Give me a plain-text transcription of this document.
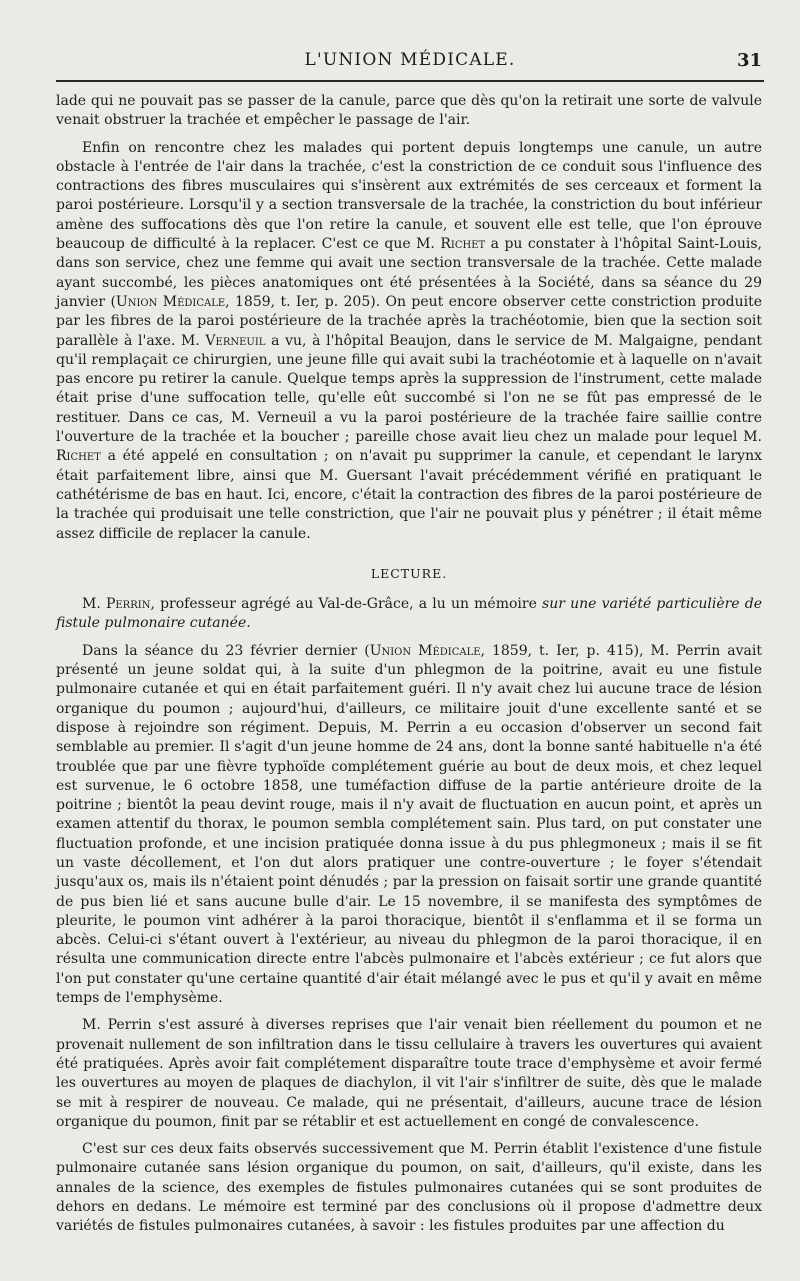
L'UNION MÉDICALE.	31

lade qui ne pouvait pas se passer de la canule, parce que dès qu'on la retirait une sorte de valvule venait obstruer la trachée et empêcher le passage de l'air.

Enfin on rencontre chez les malades qui portent depuis longtemps une canule, un autre obstacle à l'entrée de l'air dans la trachée, c'est la constriction de ce conduit sous l'influence des contractions des fibres musculaires qui s'insèrent aux extrémités de ses cerceaux et forment la paroi postérieure. Lorsqu'il y a section transversale de la trachée, la constriction du bout inférieur amène des suffocations dès que l'on retire la canule, et souvent elle est telle, que l'on éprouve beaucoup de difficulté à la replacer. C'est ce que M. Richet a pu constater à l'hôpital Saint-Louis, dans son service, chez une femme qui avait une section transversale de la trachée. Cette malade ayant succombé, les pièces anatomiques ont été présentées à la Société, dans sa séance du 29 janvier (Union Médicale, 1859, t. Ier, p. 205). On peut encore observer cette constriction produite par les fibres de la paroi postérieure de la trachée après la trachéotomie, bien que la section soit parallèle à l'axe. M. Verneuil a vu, à l'hôpital Beaujon, dans le service de M. Malgaigne, pendant qu'il remplaçait ce chirurgien, une jeune fille qui avait subi la trachéotomie et à laquelle on n'avait pas encore pu retirer la canule. Quelque temps après la suppression de l'instrument, cette malade était prise d'une suffocation telle, qu'elle eût succombé si l'on ne se fût pas empressé de le restituer. Dans ce cas, M. Verneuil a vu la paroi postérieure de la trachée faire saillie contre l'ouverture de la trachée et la boucher ; pareille chose avait lieu chez un malade pour lequel M. Richet a été appelé en consultation ; on n'avait pu supprimer la canule, et cependant le larynx était parfaitement libre, ainsi que M. Guersant l'avait précédemment vérifié en pratiquant le cathétérisme de bas en haut. Ici, encore, c'était la contraction des fibres de la paroi postérieure de la trachée qui produisait une telle constriction, que l'air ne pouvait plus y pénétrer ; il était même assez difficile de replacer la canule.

LECTURE.

M. Perrin, professeur agrégé au Val-de-Grâce, a lu un mémoire sur une variété particulière de fistule pulmonaire cutanée.

Dans la séance du 23 février dernier (Union Médicale, 1859, t. Ier, p. 415), M. Perrin avait présenté un jeune soldat qui, à la suite d'un phlegmon de la poitrine, avait eu une fistule pulmonaire cutanée et qui en était parfaitement guéri. Il n'y avait chez lui aucune trace de lésion organique du poumon ; aujourd'hui, d'ailleurs, ce militaire jouit d'une excellente santé et se dispose à rejoindre son régiment. Depuis, M. Perrin a eu occasion d'observer un second fait semblable au premier. Il s'agit d'un jeune homme de 24 ans, dont la bonne santé habituelle n'a été troublée que par une fièvre typhoïde complétement guérie au bout de deux mois, et chez lequel est survenue, le 6 octobre 1858, une tuméfaction diffuse de la partie antérieure droite de la poitrine ; bientôt la peau devint rouge, mais il n'y avait de fluctuation en aucun point, et après un examen attentif du thorax, le poumon sembla complétement sain. Plus tard, on put constater une fluctuation profonde, et une incision pratiquée donna issue à du pus phlegmoneux ; mais il se fit un vaste décollement, et l'on dut alors pratiquer une contre-ouverture ; le foyer s'étendait jusqu'aux os, mais ils n'étaient point dénudés ; par la pression on faisait sortir une grande quantité de pus bien lié et sans aucune bulle d'air. Le 15 novembre, il se manifesta des symptômes de pleurite, le poumon vint adhérer à la paroi thoracique, bientôt il s'enflamma et il se forma un abcès. Celui-ci s'étant ouvert à l'extérieur, au niveau du phlegmon de la paroi thoracique, il en résulta une communication directe entre l'abcès pulmonaire et l'abcès extérieur ; ce fut alors que l'on put constater qu'une certaine quantité d'air était mélangé avec le pus et qu'il y avait en même temps de l'emphysème.

M. Perrin s'est assuré à diverses reprises que l'air venait bien réellement du poumon et ne provenait nullement de son infiltration dans le tissu cellulaire à travers les ouvertures qui avaient été pratiquées. Après avoir fait complétement disparaître toute trace d'emphysème et avoir fermé les ouvertures au moyen de plaques de diachylon, il vit l'air s'infiltrer de suite, dès que le malade se mit à respirer de nouveau. Ce malade, qui ne présentait, d'ailleurs, aucune trace de lésion organique du poumon, finit par se rétablir et est actuellement en congé de convalescence.

C'est sur ces deux faits observés successivement que M. Perrin établit l'existence d'une fistule pulmonaire cutanée sans lésion organique du poumon, on sait, d'ailleurs, qu'il existe, dans les annales de la science, des exemples de fistules pulmonaires cutanées qui se sont produites de dehors en dedans. Le mémoire est terminé par des conclusions où il propose d'admettre deux variétés de fistules pulmonaires cutanées, à savoir : les fistules produites par une affection du
